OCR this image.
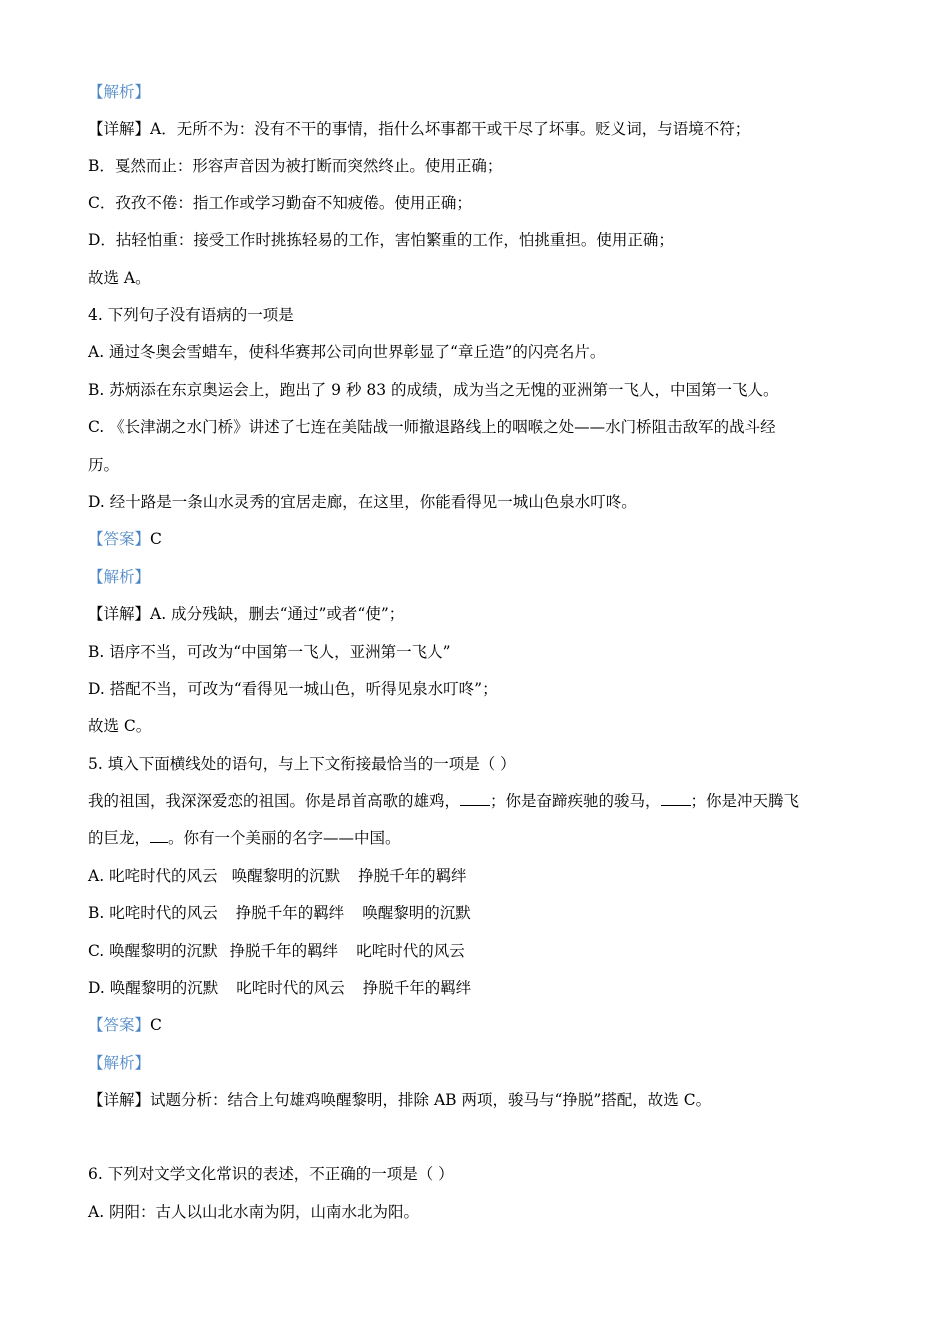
【解析】
【详解】A．无所不为：没有不干的事情，指什么坏事都干或干尽了坏事。贬义词，与语境不符；
B．戛然而止：形容声音因为被打断而突然终止。使用正确；
C．孜孜不倦：指工作或学习勤奋不知疲倦。使用正确；
D．拈轻怕重：接受工作时挑拣轻易的工作，害怕繁重的工作，怕挑重担。使用正确；
故选 A。
4. 下列句子没有语病的一项是
A. 通过冬奥会雪蜡车，使科华赛邦公司向世界彰显了“章丘造”的闪亮名片。
B. 苏炳添在东京奥运会上，跑出了 9 秒 83 的成绩，成为当之无愧的亚洲第一飞人，中国第一飞人。
C. 《长津湖之水门桥》讲述了七连在美陆战一师撤退路线上的咽喉之处——水门桥阻击敌军的战斗经
历。
D. 经十路是一条山水灵秀的宜居走廊，在这里，你能看得见一城山色泉水叮咚。
【答案】C
【解析】
【详解】A. 成分残缺，删去“通过”或者“使”；
B. 语序不当，可改为“中国第一飞人，亚洲第一飞人”
D. 搭配不当，可改为“看得见一城山色，听得见泉水叮咚”；
故选 C。
5. 填入下面横线处的语句，与上下文衔接最恰当的一项是（ ）
我的祖国，我深深爱恋的祖国。你是昂首高歌的雄鸡， ；你是奋蹄疾驰的骏马， ；你是冲天腾飞
的巨龙， 。你有一个美丽的名字——中国。
A. 叱咤时代的风云 唤醒黎明的沉默 挣脱千年的羁绊
B. 叱咤时代的风云 挣脱千年的羁绊 唤醒黎明的沉默
C. 唤醒黎明的沉默 挣脱千年的羁绊 叱咤时代的风云
D. 唤醒黎明的沉默 叱咤时代的风云 挣脱千年的羁绊
【答案】C
【解析】
【详解】试题分析：结合上句雄鸡唤醒黎明，排除 AB 两项，骏马与“挣脱”搭配，故选 C。
6. 下列对文学文化常识的表述，不正确的一项是（ ）
A. 阴阳：古人以山北水南为阴，山南水北为阳。
